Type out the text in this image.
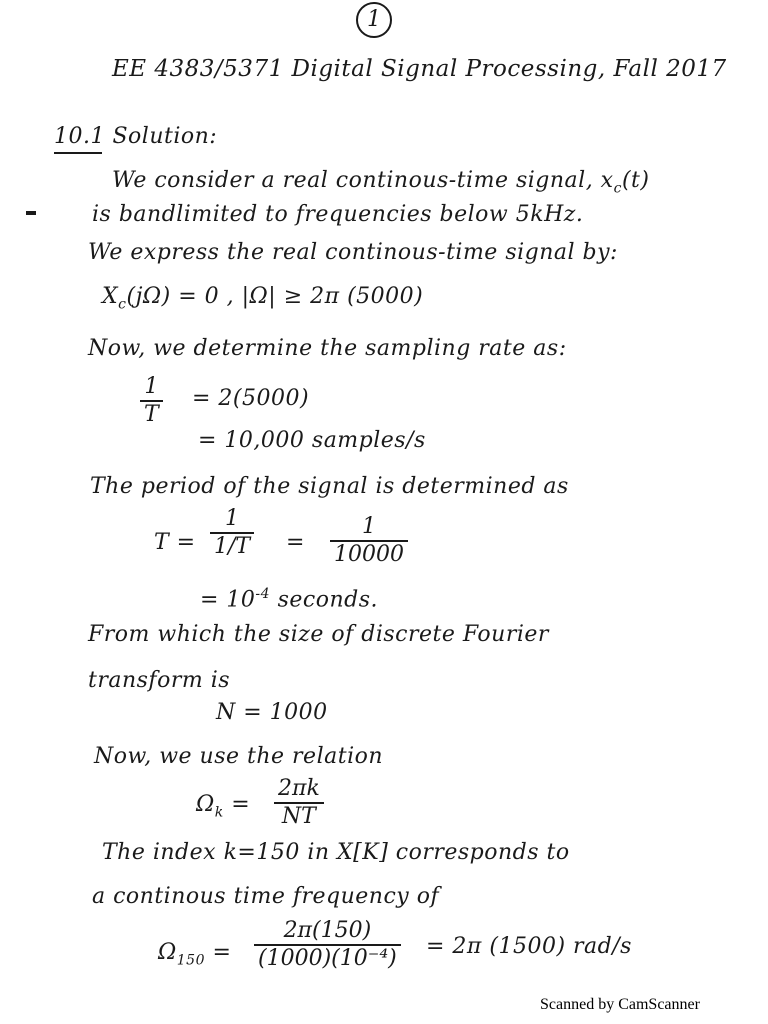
1
EE 4383/5371 Digital Signal Processing, Fall 2017
10.1 Solution:
We consider a real continous-time signal, $x_c(t)$
is bandlimited to frequencies below 5kHz.
We express the real continous-time signal by:
$X_c(j\Omega) = 0$ , |Ω| ≥ 2π (5000)
Now, we determine the sampling rate as:
$\frac{1}{T} = 2(5000)$
= 10,000 samples/s
The period of the signal is determined as
$T = \frac{1}{1/T} = \frac{1}{10000}$
= $10^{-4}$ seconds.
From which the size of discrete Fourier
transform is
N = 1000
Now, we use the relation
$\Omega_k = \frac{2\pi k}{NT}$
The index k=150 in X[K] corresponds to
a continous time frequency of
$\Omega_{150} = \frac{2\pi(150)}{\text{(1000)(10⁻⁴)}} = 2\pi$ (1500) rad/s
Scanned by CamScanner
